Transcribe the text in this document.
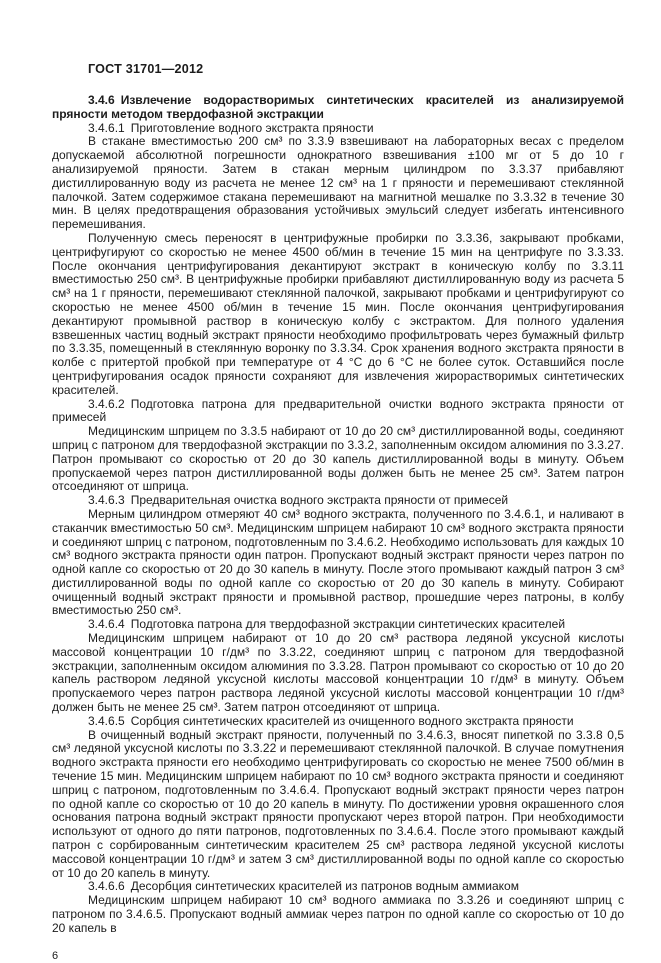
ГОСТ 31701—2012

3.4.6 Извлечение водорастворимых синтетических красителей из анализируемой пряности методом твердофазной экстракции

3.4.6.1 Приготовление водного экстракта пряности

В стакане вместимостью 200 см³ по 3.3.9 взвешивают на лабораторных весах с пределом допускаемой абсолютной погрешности однократного взвешивания ±100 мг от 5 до 10 г анализируемой пряности. Затем в стакан мерным цилиндром по 3.3.37 прибавляют дистиллированную воду из расчета не менее 12 см³ на 1 г пряности и перемешивают стеклянной палочкой. Затем содержимое стакана перемешивают на магнитной мешалке по 3.3.32 в течение 30 мин. В целях предотвращения образования устойчивых эмульсий следует избегать интенсивного перемешивания.

Полученную смесь переносят в центрифужные пробирки по 3.3.36, закрывают пробками, центрифугируют со скоростью не менее 4500 об/мин в течение 15 мин на центрифуге по 3.3.33. После окончания центрифугирования декантируют экстракт в коническую колбу по 3.3.11 вместимостью 250 см³. В центрифужные пробирки прибавляют дистиллированную воду из расчета 5 см³ на 1 г пряности, перемешивают стеклянной палочкой, закрывают пробками и центрифугируют со скоростью не менее 4500 об/мин в течение 15 мин. После окончания центрифугирования декантируют промывной раствор в коническую колбу с экстрактом. Для полного удаления взвешенных частиц водный экстракт пряности необходимо профильтровать через бумажный фильтр по 3.3.35, помещенный в стеклянную воронку по 3.3.34. Срок хранения водного экстракта пряности в колбе с притертой пробкой при температуре от 4 °С до 6 °С не более суток. Оставшийся после центрифугирования осадок пряности сохраняют для извлечения жирорастворимых синтетических красителей.

3.4.6.2 Подготовка патрона для предварительной очистки водного экстракта пряности от примесей

Медицинским шприцем по 3.3.5 набирают от 10 до 20 см³ дистиллированной воды, соединяют шприц с патроном для твердофазной экстракции по 3.3.2, заполненным оксидом алюминия по 3.3.27. Патрон промывают со скоростью от 20 до 30 капель дистиллированной воды в минуту. Объем пропускаемой через патрон дистиллированной воды должен быть не менее 25 см³. Затем патрон отсоединяют от шприца.

3.4.6.3 Предварительная очистка водного экстракта пряности от примесей

Мерным цилиндром отмеряют 40 см³ водного экстракта, полученного по 3.4.6.1, и наливают в стаканчик вместимостью 50 см³. Медицинским шприцем набирают 10 см³ водного экстракта пряности и соединяют шприц с патроном, подготовленным по 3.4.6.2. Необходимо использовать для каждых 10 см³ водного экстракта пряности один патрон. Пропускают водный экстракт пряности через патрон по одной капле со скоростью от 20 до 30 капель в минуту. После этого промывают каждый патрон 3 см³ дистиллированной воды по одной капле со скоростью от 20 до 30 капель в минуту. Собирают очищенный водный экстракт пряности и промывной раствор, прошедшие через патроны, в колбу вместимостью 250 см³.

3.4.6.4 Подготовка патрона для твердофазной экстракции синтетических красителей

Медицинским шприцем набирают от 10 до 20 см³ раствора ледяной уксусной кислоты массовой концентрации 10 г/дм³ по 3.3.22, соединяют шприц с патроном для твердофазной экстракции, заполненным оксидом алюминия по 3.3.28. Патрон промывают со скоростью от 10 до 20 капель раствором ледяной уксусной кислоты массовой концентрации 10 г/дм³ в минуту. Объем пропускаемого через патрон раствора ледяной уксусной кислоты массовой концентрации 10 г/дм³ должен быть не менее 25 см³. Затем патрон отсоединяют от шприца.

3.4.6.5 Сорбция синтетических красителей из очищенного водного экстракта пряности

В очищенный водный экстракт пряности, полученный по 3.4.6.3, вносят пипеткой по 3.3.8 0,5 см³ ледяной уксусной кислоты по 3.3.22 и перемешивают стеклянной палочкой. В случае помутнения водного экстракта пряности его необходимо центрифугировать со скоростью не менее 7500 об/мин в течение 15 мин. Медицинским шприцем набирают по 10 см³ водного экстракта пряности и соединяют шприц с патроном, подготовленным по 3.4.6.4. Пропускают водный экстракт пряности через патрон по одной капле со скоростью от 10 до 20 капель в минуту. По достижении уровня окрашенного слоя основания патрона водный экстракт пряности пропускают через второй патрон. При необходимости используют от одного до пяти патронов, подготовленных по 3.4.6.4. После этого промывают каждый патрон с сорбированным синтетическим красителем 25 см³ раствора ледяной уксусной кислоты массовой концентрации 10 г/дм³ и затем 3 см³ дистиллированной воды по одной капле со скоростью от 10 до 20 капель в минуту.

3.4.6.6 Десорбция синтетических красителей из патронов водным аммиаком

Медицинским шприцем набирают 10 см³ водного аммиака по 3.3.26 и соединяют шприц с патроном по 3.4.6.5. Пропускают водный аммиак через патрон по одной капле со скоростью от 10 до 20 капель в

6
